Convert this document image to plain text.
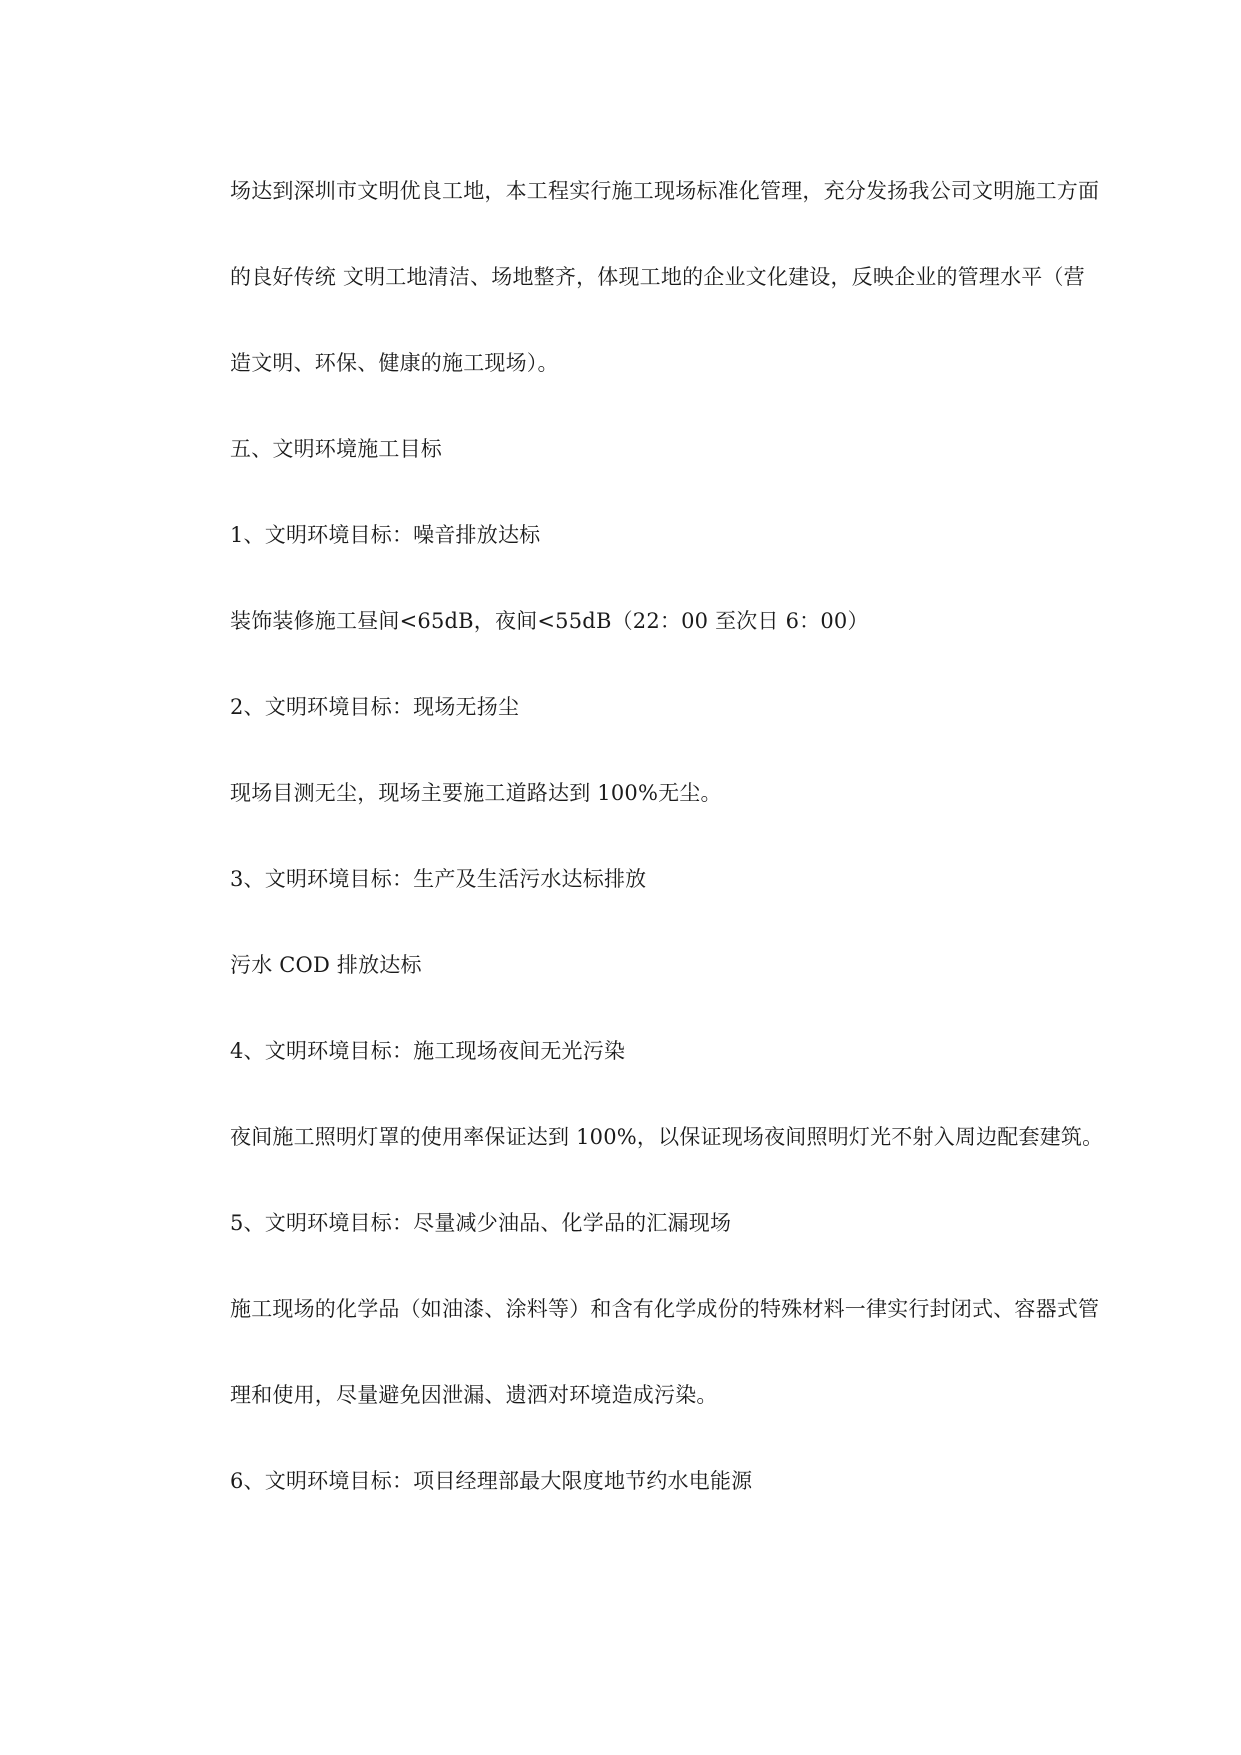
场达到深圳市文明优良工地，本工程实行施工现场标准化管理，充分发扬我公司文明施工方面

的良好传统 文明工地清洁、场地整齐，体现工地的企业文化建设，反映企业的管理水平（营

造文明、环保、健康的施工现场）。

五、文明环境施工目标

1、文明环境目标：噪音排放达标

装饰装修施工昼间<65dB，夜间<55dB（22：00 至次日 6：00）

2、文明环境目标：现场无扬尘

现场目测无尘，现场主要施工道路达到 100%无尘。

3、文明环境目标：生产及生活污水达标排放

污水 COD 排放达标

4、文明环境目标：施工现场夜间无光污染

夜间施工照明灯罩的使用率保证达到 100%，以保证现场夜间照明灯光不射入周边配套建筑。

5、文明环境目标：尽量减少油品、化学品的汇漏现场

施工现场的化学品（如油漆、涂料等）和含有化学成份的特殊材料一律实行封闭式、容器式管

理和使用，尽量避免因泄漏、遗洒对环境造成污染。

6、文明环境目标：项目经理部最大限度地节约水电能源
